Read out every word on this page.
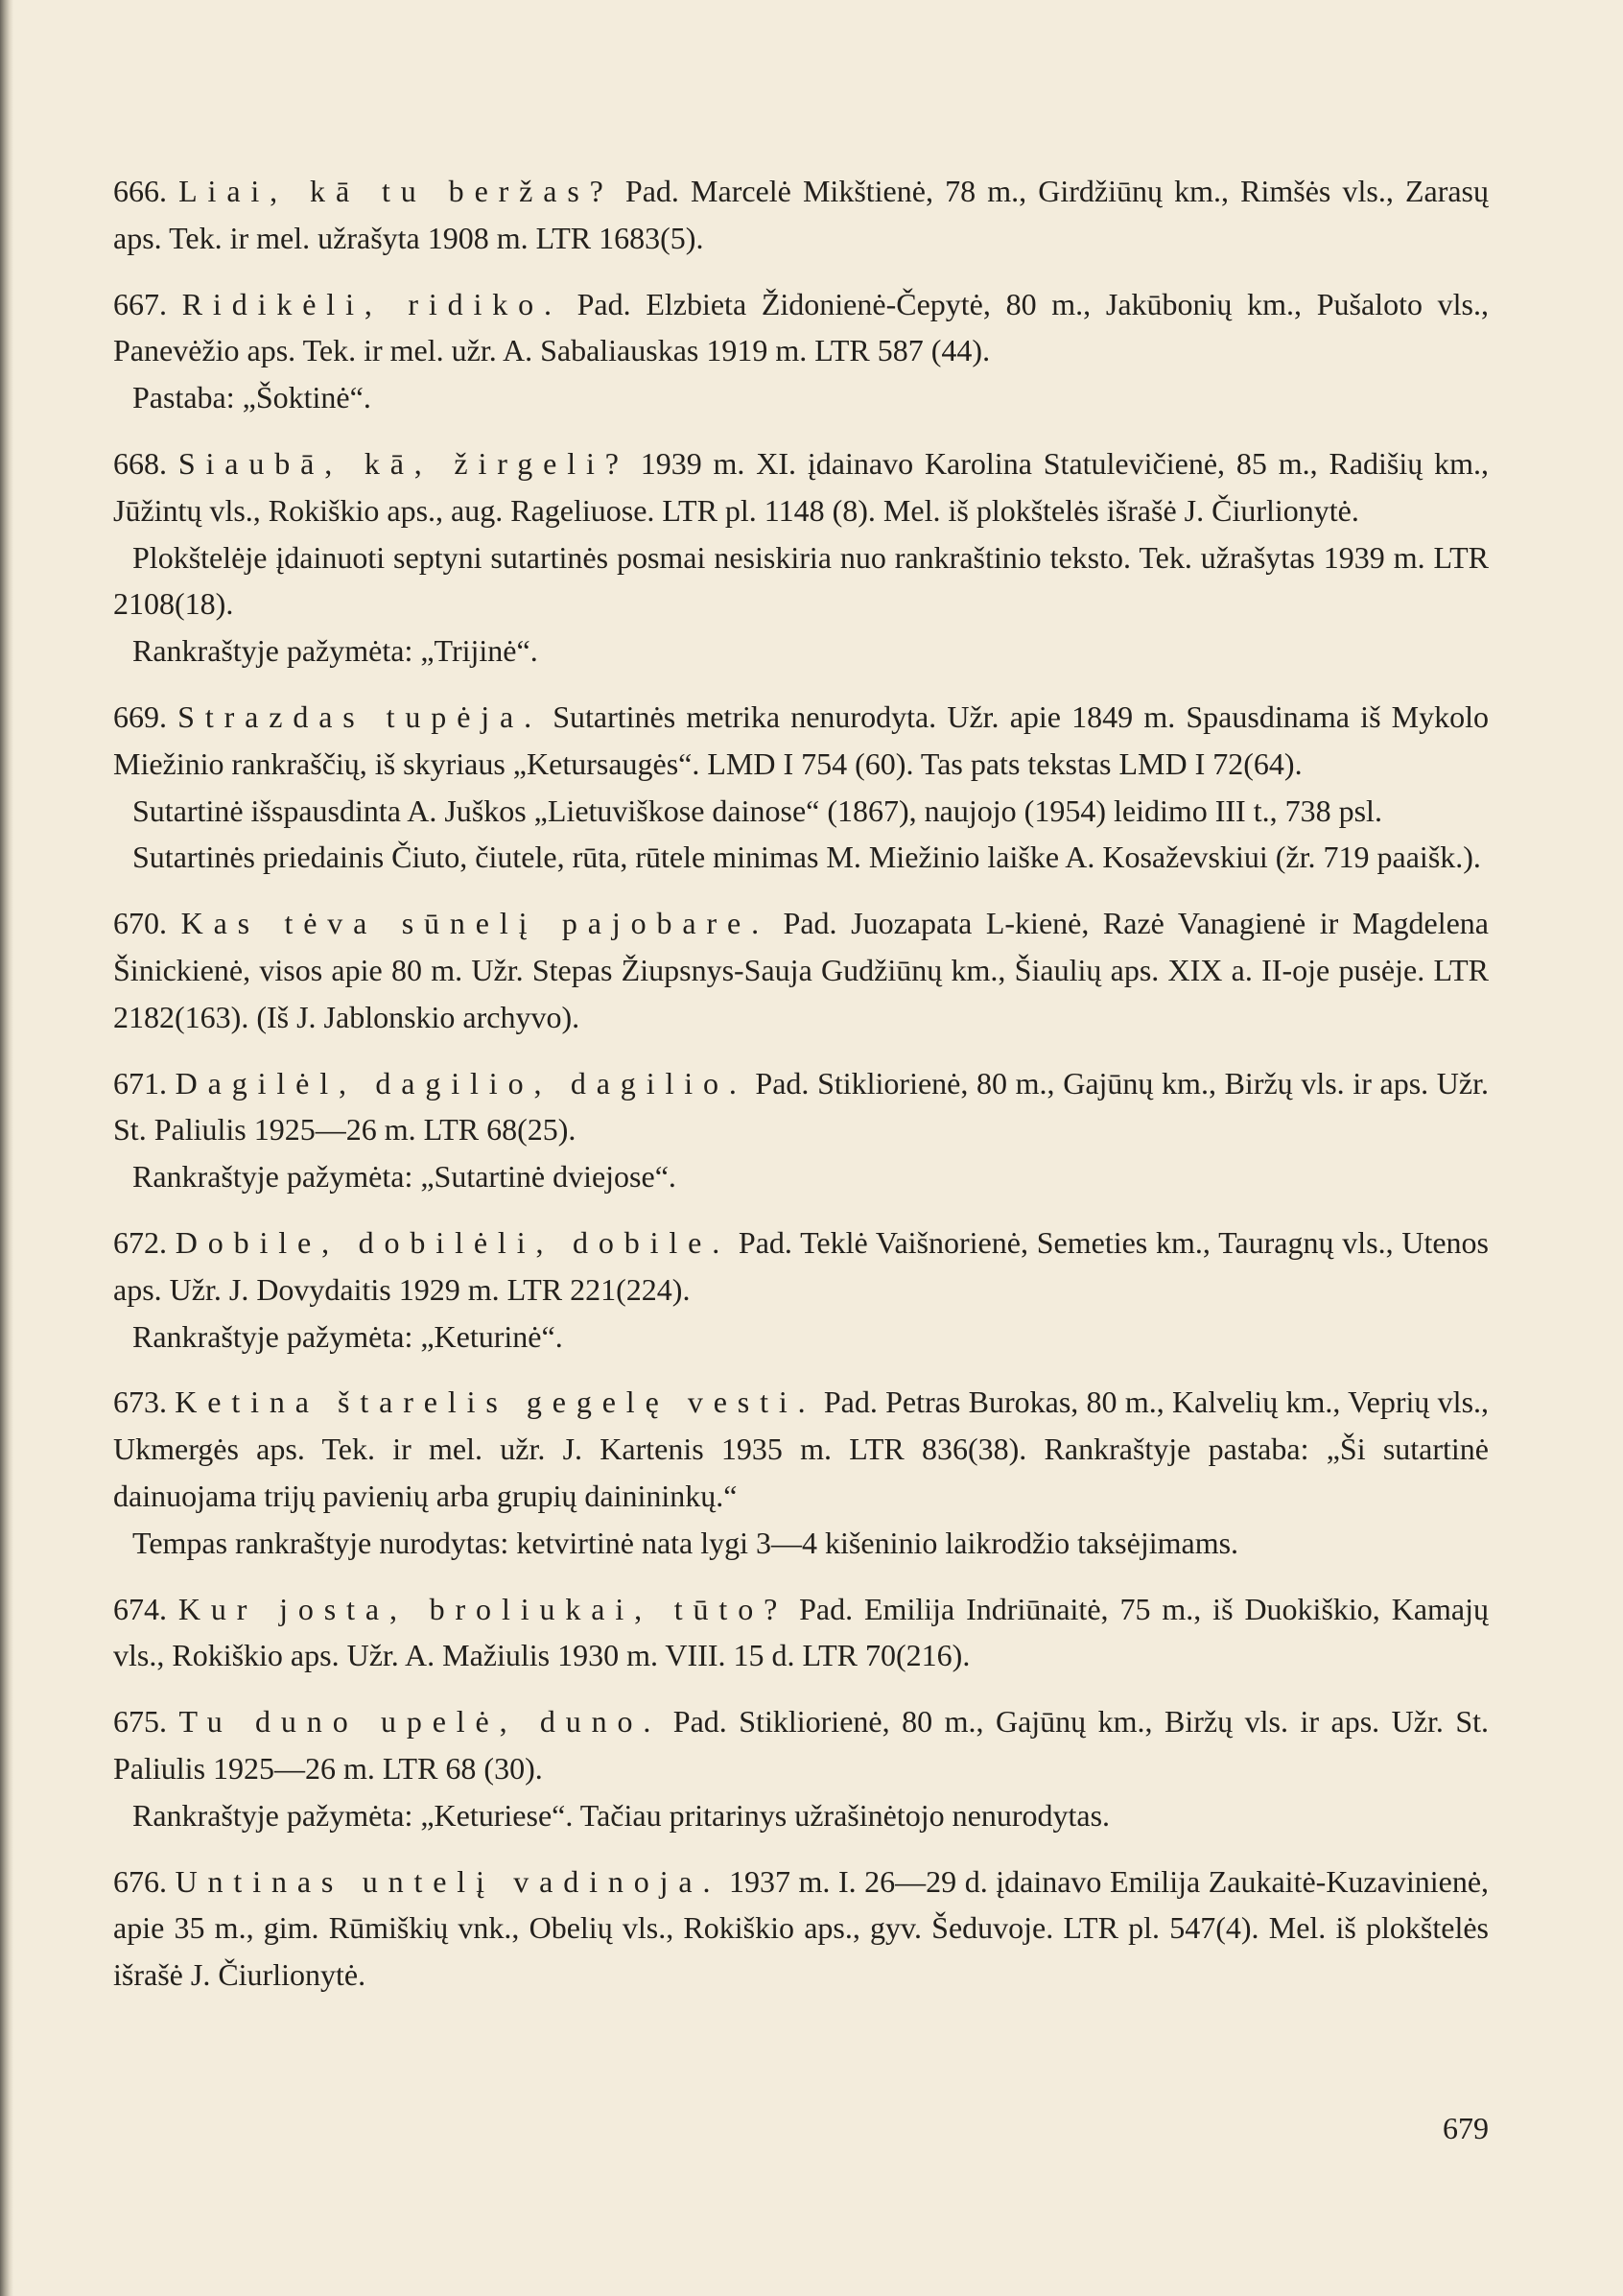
666. Liai, kā tu beržas? Pad. Marcelė Mikštienė, 78 m., Girdžiūnų km., Rimšės vls., Zarasų aps. Tek. ir mel. užrašyta 1908 m. LTR 1683(5).

667. Ridikėli, ridiko. Pad. Elzbieta Židonienė-Čepytė, 80 m., Jakūbonių km., Pušaloto vls., Panevėžio aps. Tek. ir mel. užr. A. Sabaliauskas 1919 m. LTR 587 (44).

Pastaba: „Šoktinė“.

668. Siaubā, kā, žirgeli? 1939 m. XI. įdainavo Karolina Statulevičienė, 85 m., Radišių km., Jūžintų vls., Rokiškio aps., aug. Rageliuose. LTR pl. 1148 (8). Mel. iš plokštelės išrašė J. Čiurlionytė.

Plokštelėje įdainuoti septyni sutartinės posmai nesiskiria nuo rankraštinio teksto. Tek. užrašytas 1939 m. LTR 2108(18).

Rankraštyje pažymėta: „Trijinė“.

669. Strazdas tupėja. Sutartinės metrika nenurodyta. Užr. apie 1849 m. Spausdinama iš Mykolo Miežinio rankraščių, iš skyriaus „Ketursaugės“. LMD I 754 (60). Tas pats tekstas LMD I 72(64).

Sutartinė išspausdinta A. Juškos „Lietuviškose dainose“ (1867), naujojo (1954) leidimo III t., 738 psl.

Sutartinės priedainis Čiuto, čiutele, rūta, rūtele minimas M. Miežinio laiške A. Kosaževskiui (žr. 719 paaišk.).

670. Kas tėva sūnelį pajobare. Pad. Juozapata L-kienė, Razė Vanagienė ir Magdelena Šinickienė, visos apie 80 m. Užr. Stepas Žiupsnys-Sauja Gudžiūnų km., Šiaulių aps. XIX a. II-oje pusėje. LTR 2182(163). (Iš J. Jablonskio archyvo).

671. Dagilėl, dagilio, dagilio. Pad. Stikliorienė, 80 m., Gajūnų km., Biržų vls. ir aps. Užr. St. Paliulis 1925—26 m. LTR 68(25).

Rankraštyje pažymėta: „Sutartinė dviejose“.

672. Dobile, dobilėli, dobile. Pad. Teklė Vaišnorienė, Semeties km., Tauragnų vls., Utenos aps. Užr. J. Dovydaitis 1929 m. LTR 221(224).

Rankraštyje pažymėta: „Keturinė“.

673. Ketina štarelis gegelę vesti. Pad. Petras Burokas, 80 m., Kalvelių km., Veprių vls., Ukmergės aps. Tek. ir mel. užr. J. Kartenis 1935 m. LTR 836(38). Rankraštyje pastaba: „Ši sutartinė dainuojama trijų pavienių arba grupių dainininkų.“

Tempas rankraštyje nurodytas: ketvirtinė nata lygi 3—4 kišeninio laikrodžio taksėjimams.

674. Kur josta, broliukai, tūto? Pad. Emilija Indriūnaitė, 75 m., iš Duokiškio, Kamajų vls., Rokiškio aps. Užr. A. Mažiulis 1930 m. VIII. 15 d. LTR 70(216).

675. Tu duno upelė, duno. Pad. Stikliorienė, 80 m., Gajūnų km., Biržų vls. ir aps. Užr. St. Paliulis 1925—26 m. LTR 68 (30).

Rankraštyje pažymėta: „Keturiese“. Tačiau pritarinys užrašinėtojo nenurodytas.

676. Untinas untelį vadinoja. 1937 m. I. 26—29 d. įdainavo Emilija Zaukaitė-Kuzavinienė, apie 35 m., gim. Rūmiškių vnk., Obelių vls., Rokiškio aps., gyv. Šeduvoje. LTR pl. 547(4). Mel. iš plokštelės išrašė J. Čiurlionytė.

679
